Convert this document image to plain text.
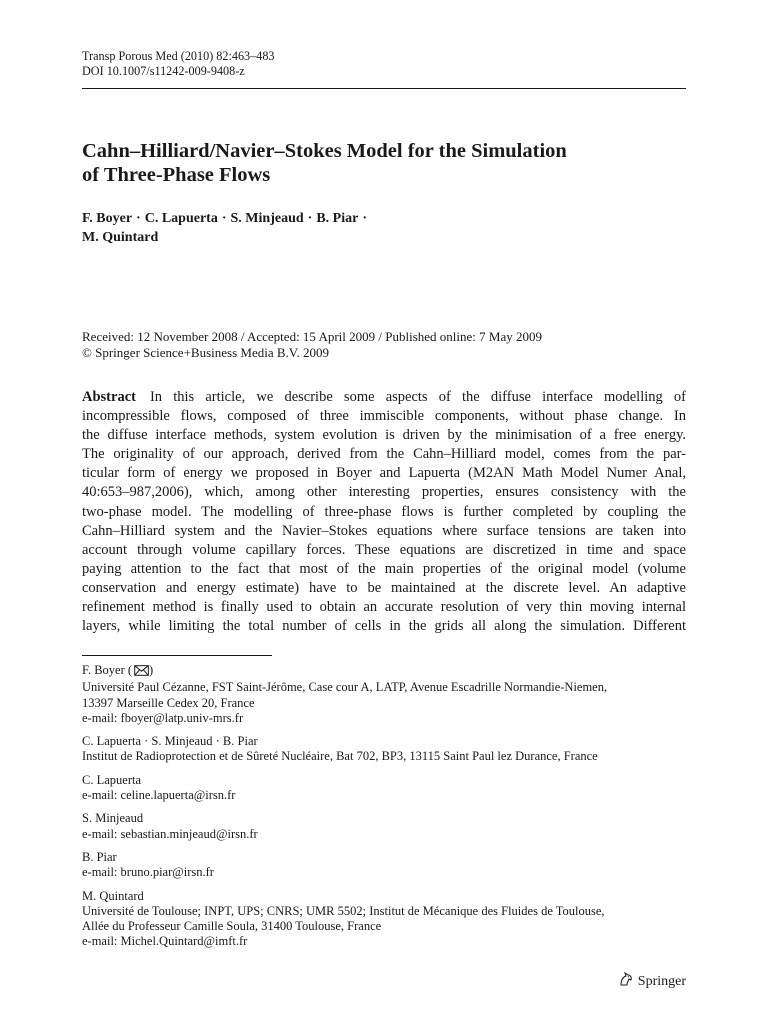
Transp Porous Med (2010) 82:463–483
DOI 10.1007/s11242-009-9408-z
Cahn–Hilliard/Navier–Stokes Model for the Simulation
of Three-Phase Flows
F. Boyer · C. Lapuerta · S. Minjeaud · B. Piar ·
M. Quintard
Received: 12 November 2008 / Accepted: 15 April 2009 / Published online: 7 May 2009
© Springer Science+Business Media B.V. 2009
Abstract In this article, we describe some aspects of the diffuse interface modelling of
incompressible flows, composed of three immiscible components, without phase change. In
the diffuse interface methods, system evolution is driven by the minimisation of a free energy.
The originality of our approach, derived from the Cahn–Hilliard model, comes from the par-
ticular form of energy we proposed in Boyer and Lapuerta (M2AN Math Model Numer Anal,
40:653–987,2006), which, among other interesting properties, ensures consistency with the
two-phase model. The modelling of three-phase flows is further completed by coupling the
Cahn–Hilliard system and the Navier–Stokes equations where surface tensions are taken into
account through volume capillary forces. These equations are discretized in time and space
paying attention to the fact that most of the main properties of the original model (volume
conservation and energy estimate) have to be maintained at the discrete level. An adaptive
refinement method is finally used to obtain an accurate resolution of very thin moving internal
layers, while limiting the total number of cells in the grids all along the simulation. Different
F. Boyer ( )
Université Paul Cézanne, FST Saint-Jérôme, Case cour A, LATP, Avenue Escadrille Normandie-Niemen,
13397 Marseille Cedex 20, France
e-mail: fboyer@latp.univ-mrs.fr
C. Lapuerta · S. Minjeaud · B. Piar
Institut de Radioprotection et de Sûreté Nucléaire, Bat 702, BP3, 13115 Saint Paul lez Durance, France
C. Lapuerta
e-mail: celine.lapuerta@irsn.fr
S. Minjeaud
e-mail: sebastian.minjeaud@irsn.fr
B. Piar
e-mail: bruno.piar@irsn.fr
M. Quintard
Université de Toulouse; INPT, UPS; CNRS; UMR 5502; Institut de Mécanique des Fluides de Toulouse,
Allée du Professeur Camille Soula, 31400 Toulouse, France
e-mail: Michel.Quintard@imft.fr
Springer
